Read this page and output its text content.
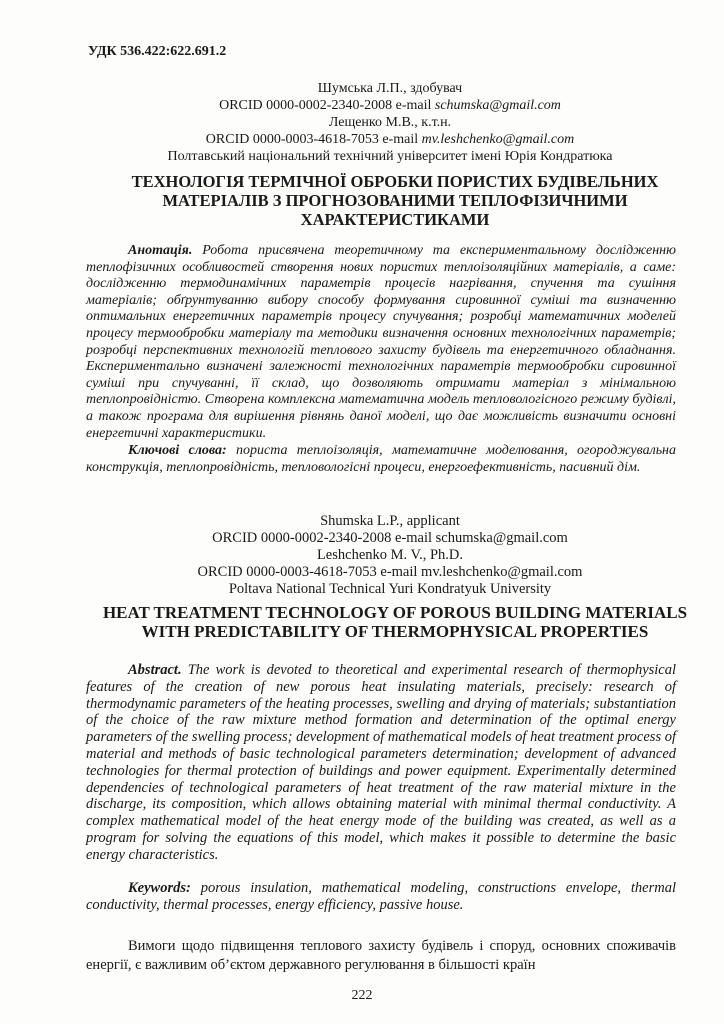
УДК 536.422:622.691.2
Шумська Л.П., здобувач
ORCID 0000-0002-2340-2008 e-mail schumska@gmail.com
Лещенко М.В., к.т.н.
ORCID 0000-0003-4618-7053 e-mail mv.leshchenko@gmail.com
Полтавський національний технічний університет імені Юрія Кондратюка
ТЕХНОЛОГІЯ ТЕРМІЧНОЇ ОБРОБКИ ПОРИСТИХ БУДІВЕЛЬНИХ МАТЕРІАЛІВ З ПРОГНОЗОВАНИМИ ТЕПЛОФІЗИЧНИМИ ХАРАКТЕРИСТИКАМИ
Анотація. Робота присвячена теоретичному та експериментальному дослідженню теплофізичних особливостей створення нових пористих теплоізоляційних матеріалів, а саме: дослідженню термодинамічних параметрів процесів нагрівання, спучення та сушіння матеріалів; обґрунтуванню вибору способу формування сировинної суміші та визначенню оптимальних енергетичних параметрів процесу спучування; розробці математичних моделей процесу термообробки матеріалу та методики визначення основних технологічних параметрів; розробці перспективних технологій теплового захисту будівель та енергетичного обладнання. Експериментально визначені залежності технологічних параметрів термообробки сировинної суміші при спучуванні, її склад, що дозволяють отримати матеріал з мінімальною теплопровідністю. Створена комплексна математична модель тепловологісного режиму будівлі, а також програма для вирішення рівнянь даної моделі, що дає можливість визначити основні енергетичні характеристики.
Ключові слова: пориста теплоізоляція, математичне моделювання, огороджувальна конструкція, теплопровідність, тепловологісні процеси, енергоефективність, пасивний дім.
Shumska L.P., applicant
ORCID 0000-0002-2340-2008 e-mail schumska@gmail.com
Leshchenko M. V., Ph.D.
ORCID 0000-0003-4618-7053 e-mail mv.leshchenko@gmail.com
Poltava National Technical Yuri Kondratyuk University
HEAT TREATMENT TECHNOLOGY OF POROUS BUILDING MATERIALS WITH PREDICTABILITY OF THERMOPHYSICAL PROPERTIES
Abstract. The work is devoted to theoretical and experimental research of thermophysical features of the creation of new porous heat insulating materials, precisely: research of thermodynamic parameters of the heating processes, swelling and drying of materials; substantiation of the choice of the raw mixture method formation and determination of the optimal energy parameters of the swelling process; development of mathematical models of heat treatment process of material and methods of basic technological parameters determination; development of advanced technologies for thermal protection of buildings and power equipment. Experimentally determined dependencies of technological parameters of heat treatment of the raw material mixture in the discharge, its composition, which allows obtaining material with minimal thermal conductivity. A complex mathematical model of the heat energy mode of the building was created, as well as a program for solving the equations of this model, which makes it possible to determine the basic energy characteristics.
Keywords: porous insulation, mathematical modeling, constructions envelope, thermal conductivity, thermal processes, energy efficiency, passive house.
Вимоги щодо підвищення теплового захисту будівель і споруд, основних споживачів енергії, є важливим об’єктом державного регулювання в більшості країн
222
